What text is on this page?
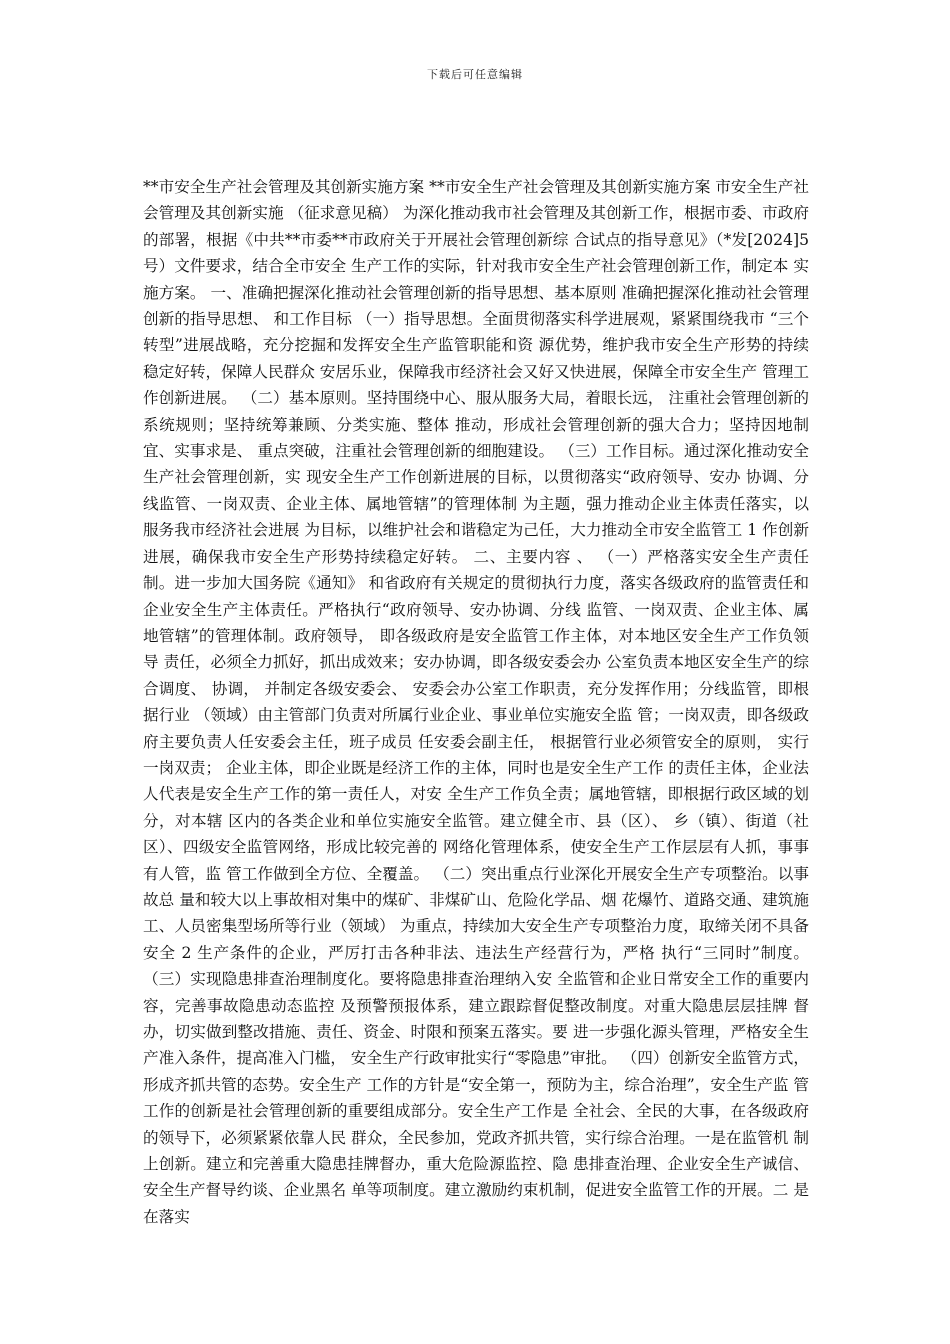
下载后可任意编辑

**市安全生产社会管理及其创新实施方案 **市安全生产社会管理及其创新实施方案 市安全生产社会管理及其创新实施 （征求意见稿） 为深化推动我市社会管理及其创新工作，根据市委、市政府 的部署，根据《中共**市委**市政府关于开展社会管理创新综 合试点的指导意见》（*发[2024]5 号）文件要求，结合全市安全 生产工作的实际，针对我市安全生产社会管理创新工作，制定本 实施方案。 一、准确把握深化推动社会管理创新的指导思想、基本原则 准确把握深化推动社会管理创新的指导思想、 和工作目标 （一）指导思想。全面贯彻落实科学进展观，紧紧围绕我市 “三个转型”进展战略，充分挖掘和发挥安全生产监管职能和资 源优势，维护我市安全生产形势的持续稳定好转，保障人民群众 安居乐业，保障我市经济社会又好又快进展，保障全市安全生产 管理工作创新进展。 （二）基本原则。坚持围绕中心、服从服务大局，着眼长远， 注重社会管理创新的系统规则；坚持统筹兼顾、分类实施、整体 推动，形成社会管理创新的强大合力；坚持因地制宜、实事求是、 重点突破，注重社会管理创新的细胞建设。 （三）工作目标。通过深化推动安全生产社会管理创新，实 现安全生产工作创新进展的目标，以贯彻落实“政府领导、安办 协调、分线监管、一岗双责、企业主体、属地管辖”的管理体制 为主题，强力推动企业主体责任落实，以服务我市经济社会进展 为目标，以维护社会和谐稳定为己任，大力推动全市安全监管工 1 作创新进展，确保我市安全生产形势持续稳定好转。 二、主要内容 、 （一）严格落实安全生产责任制。进一步加大国务院《通知》 和省政府有关规定的贯彻执行力度，落实各级政府的监管责任和 企业安全生产主体责任。严格执行“政府领导、安办协调、分线 监管、一岗双责、企业主体、属地管辖”的管理体制。政府领导， 即各级政府是安全监管工作主体，对本地区安全生产工作负领导 责任，必须全力抓好，抓出成效来；安办协调，即各级安委会办 公室负责本地区安全生产的综合调度、 协调， 并制定各级安委会、 安委会办公室工作职责，充分发挥作用；分线监管，即根据行业 （领域）由主管部门负责对所属行业企业、事业单位实施安全监 管；一岗双责，即各级政府主要负责人任安委会主任，班子成员 任安委会副主任， 根据管行业必须管安全的原则， 实行一岗双责； 企业主体，即企业既是经济工作的主体，同时也是安全生产工作 的责任主体，企业法人代表是安全生产工作的第一责任人，对安 全生产工作负全责；属地管辖，即根据行政区域的划分，对本辖 区内的各类企业和单位实施安全监管。建立健全市、县（区）、 乡（镇）、街道（社区）、四级安全监管网络，形成比较完善的 网络化管理体系，使安全生产工作层层有人抓，事事有人管，监 管工作做到全方位、全覆盖。 （二）突出重点行业深化开展安全生产专项整治。以事故总 量和较大以上事故相对集中的煤矿、非煤矿山、危险化学品、烟 花爆竹、道路交通、建筑施工、人员密集型场所等行业（领域） 为重点，持续加大安全生产专项整治力度，取缔关闭不具备安全 2 生产条件的企业，严厉打击各种非法、违法生产经营行为，严格 执行“三同时”制度。 （三）实现隐患排查治理制度化。要将隐患排查治理纳入安 全监管和企业日常安全工作的重要内容，完善事故隐患动态监控 及预警预报体系，建立跟踪督促整改制度。对重大隐患层层挂牌 督办，切实做到整改措施、责任、资金、时限和预案五落实。要 进一步强化源头管理，严格安全生产准入条件，提高准入门槛， 安全生产行政审批实行“零隐患”审批。 （四）创新安全监管方式，形成齐抓共管的态势。安全生产 工作的方针是“安全第一，预防为主，综合治理”，安全生产监 管工作的创新是社会管理创新的重要组成部分。安全生产工作是 全社会、全民的大事，在各级政府的领导下，必须紧紧依靠人民 群众，全民参加，党政齐抓共管，实行综合治理。一是在监管机 制上创新。建立和完善重大隐患挂牌督办，重大危险源监控、隐 患排查治理、企业安全生产诚信、安全生产督导约谈、企业黑名 单等项制度。建立激励约束机制，促进安全监管工作的开展。二 是在落实
